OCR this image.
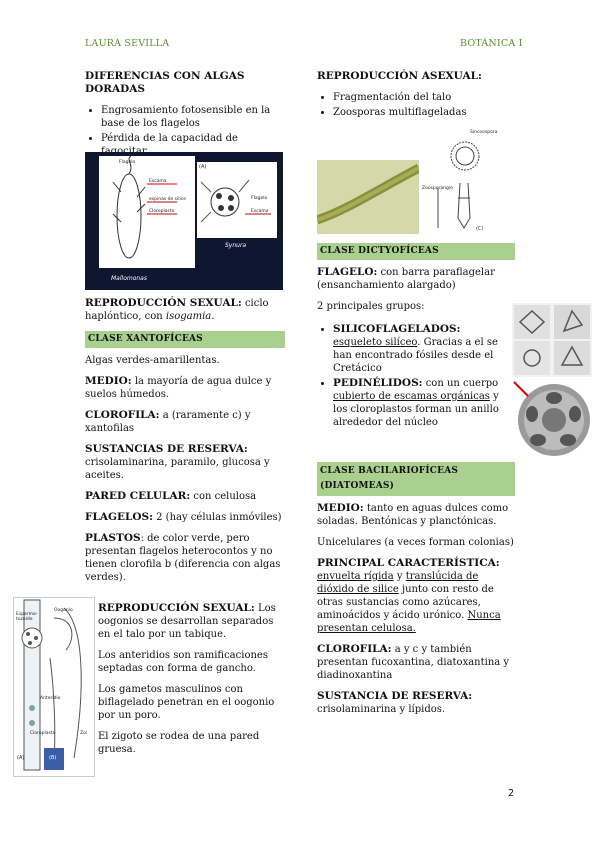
LAURA SEVILLA	BOTÁNICA I

DIFERENCIAS CON ALGAS DORADAS

• Engrosamiento fotosensible en la base de los flagelos
• Pérdida de la capacidad de
Flagelo
Escama
espinas de silice
Cloroplasto	Escama
Flagelo
(A)
Mallomonas
Synura

REPRODUCCIÓN SEXUAL: ciclo haplóntico, con isogamia.

CLASE XANTOFÍCEAS

Algas verdes-amarillentas.

MEDIO: la mayoría de agua dulce y suelos húmedos.

CLOROFILA: a (raramente c) y xantofilas

SUSTANCIAS DE RESERVA:
crisolaminarina, paramilo, glucosa y aceites.

PARED CELULAR: con celulosa

FLAGELOS: 2 (hay células inmóviles)

PLASTOS: de color verde, pero presentan flagelos heterocontos y no tienen clorofila b (diferencia con algas verdes).

Esperma-tozoide
Oogonio
Anteridio
Cloroplasto	Zoi
(A)	(B)

REPRODUCCIÓN SEXUAL: Los oogonios se desarrollan separados en el talo por un tabique.

Los anteridios son ramificaciones septadas con forma de gancho.

Los gametos masculinos con biflagelado penetran en el oogonio por un poro.

El zigoto se rodea de una pared gruesa.

REPRODUCCIÓN ASEXUAL:

• Fragmentación del talo
• Zoosporas multiflageladas
Sincoospora
Zoosporangio
(C)
CLASE DICTYOFÍCEAS

FLAGELO: con barra paraflagelar (ensanchamiento alargado)

2 principales grupos:

• SILICOFLAGELADOS:
esqueleto silíceo. Gracias a el se han encontrado fósiles desde el Cretácico
• PEDINÉLIDOS: con un cuerpo cubierto de escamas orgánicas y los cloroplastos forman un anillo alrededor del núcleo
CLASE BACILARIOFÍCEAS (DIATOMEAS)

MEDIO: tanto en aguas dulces como soladas. Bentónicas y planctónicas.

Unicelulares (a veces forman colonias)

PRINCIPAL CARACTERÍSTICA:
envuelta rígida y translúcida de dióxido de silice junto con resto de otras sustancias como azúcares, aminoácidos y ácido urónico. Nunca presentan celulosa.

CLOROFILA: a y c y también presentan fucoxantina, diatoxantina y diadinoxantina

SUSTANCIA DE RESERVA:
crisolaminarina y lípidos.

2
